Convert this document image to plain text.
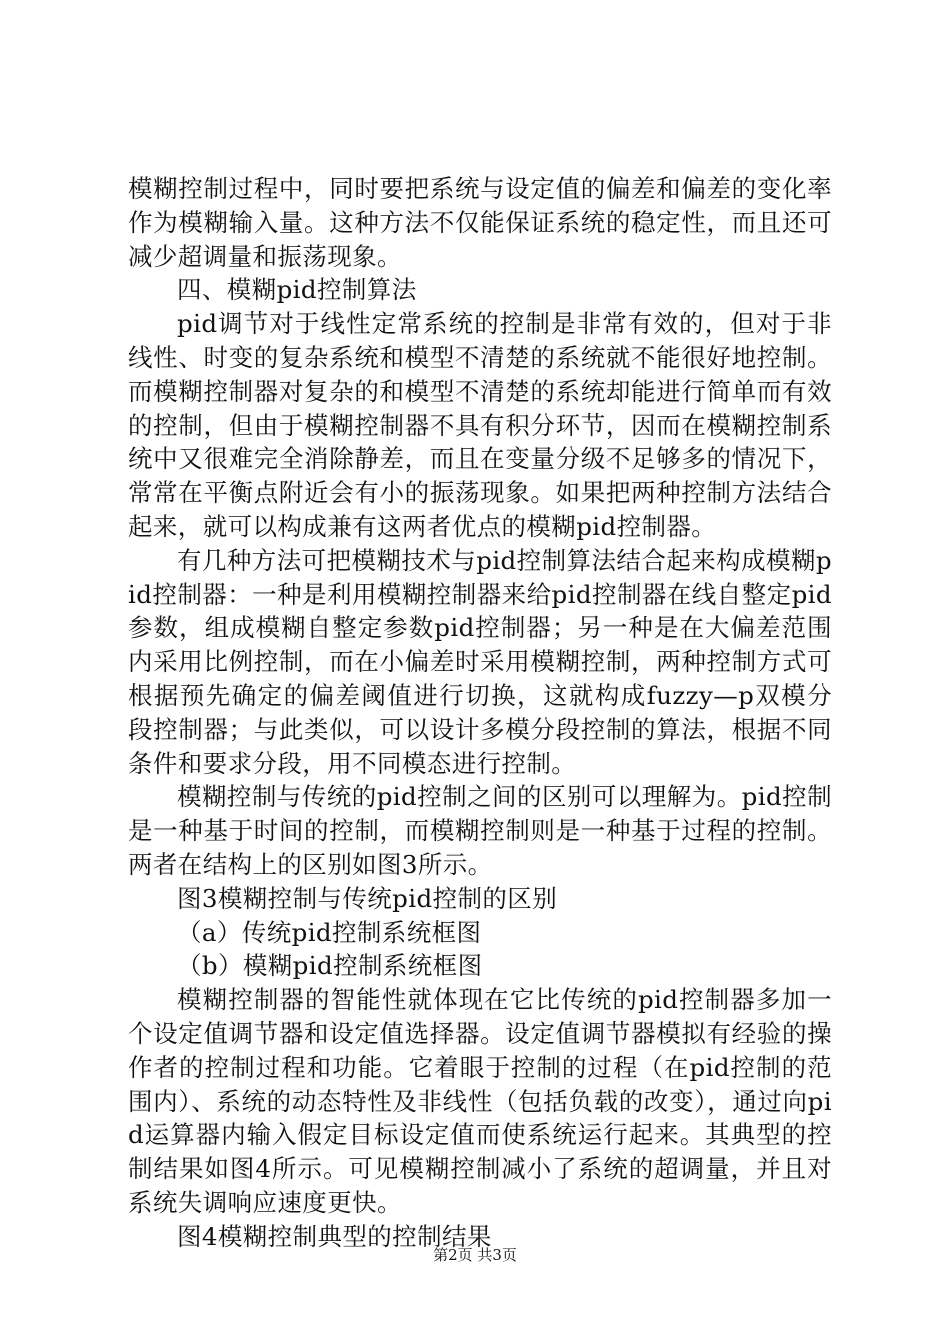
模糊控制过程中，同时要把系统与设定值的偏差和偏差的变化率作为模糊输入量。这种方法不仅能保证系统的稳定性，而且还可减少超调量和振荡现象。

四、模糊pid控制算法

pid调节对于线性定常系统的控制是非常有效的，但对于非线性、时变的复杂系统和模型不清楚的系统就不能很好地控制。而模糊控制器对复杂的和模型不清楚的系统却能进行简单而有效的控制，但由于模糊控制器不具有积分环节，因而在模糊控制系统中又很难完全消除静差，而且在变量分级不足够多的情况下，常常在平衡点附近会有小的振荡现象。如果把两种控制方法结合起来，就可以构成兼有这两者优点的模糊pid控制器。

有几种方法可把模糊技术与pid控制算法结合起来构成模糊pid控制器：一种是利用模糊控制器来给pid控制器在线自整定pid参数，组成模糊自整定参数pid控制器；另一种是在大偏差范围内采用比例控制，而在小偏差时采用模糊控制，两种控制方式可根据预先确定的偏差阈值进行切换，这就构成fuzzy—p双模分段控制器；与此类似，可以设计多模分段控制的算法，根据不同条件和要求分段，用不同模态进行控制。

模糊控制与传统的pid控制之间的区别可以理解为。pid控制是一种基于时间的控制，而模糊控制则是一种基于过程的控制。两者在结构上的区别如图3所示。

图3模糊控制与传统pid控制的区别

（a）传统pid控制系统框图

（b）模糊pid控制系统框图

模糊控制器的智能性就体现在它比传统的pid控制器多加一个设定值调节器和设定值选择器。设定值调节器模拟有经验的操作者的控制过程和功能。它着眼于控制的过程（在pid控制的范围内）、系统的动态特性及非线性（包括负载的改变），通过向pid运算器内输入假定目标设定值而使系统运行起来。其典型的控制结果如图4所示。可见模糊控制减小了系统的超调量，并且对系统失调响应速度更快。

图4模糊控制典型的控制结果

第2页 共3页
